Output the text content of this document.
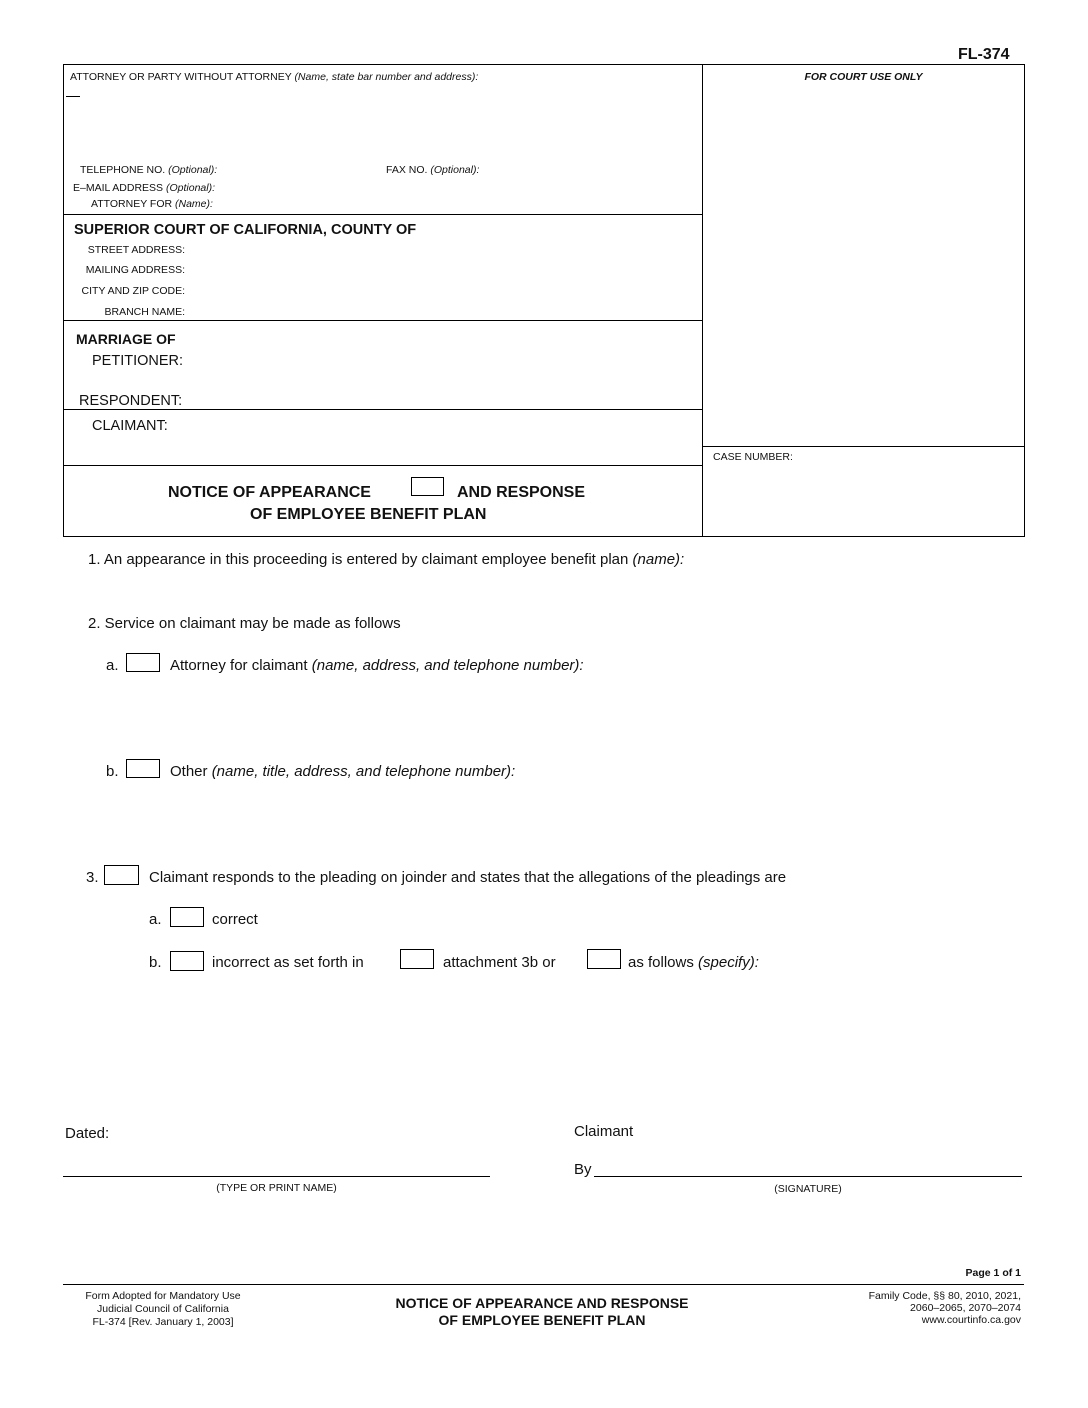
FL-374
ATTORNEY OR PARTY WITHOUT ATTORNEY (Name, state bar number and address):
TELEPHONE NO. (Optional):	FAX NO. (Optional):
E–MAIL ADDRESS (Optional):
ATTORNEY FOR (Name):
FOR COURT USE ONLY
SUPERIOR COURT OF CALIFORNIA, COUNTY OF
STREET ADDRESS:
MAILING ADDRESS:
CITY AND ZIP CODE:
BRANCH NAME:
MARRIAGE OF
PETITIONER:
RESPONDENT:
CLAIMANT:
NOTICE OF APPEARANCE	AND RESPONSE
OF EMPLOYEE BENEFIT PLAN
CASE NUMBER:
1. An appearance in this proceeding is entered by claimant employee benefit plan (name):
2. Service on claimant may be made as follows
a.	Attorney for claimant (name, address, and telephone number):
b.	Other (name, title, address, and telephone number):
3.	Claimant responds to the pleading on joinder and states that the allegations of the pleadings are
a.	correct
b.	incorrect as set forth in	attachment 3b or	as follows (specify):
Dated:	Claimant
By
(TYPE OR PRINT NAME)	(SIGNATURE)
Page 1 of 1
Form Adopted for Mandatory Use
Judicial Council of California
FL-374 [Rev. January 1, 2003]
NOTICE OF APPEARANCE AND RESPONSE
OF EMPLOYEE BENEFIT PLAN
Family Code, §§ 80, 2010, 2021,
2060–2065, 2070–2074
www.courtinfo.ca.gov
